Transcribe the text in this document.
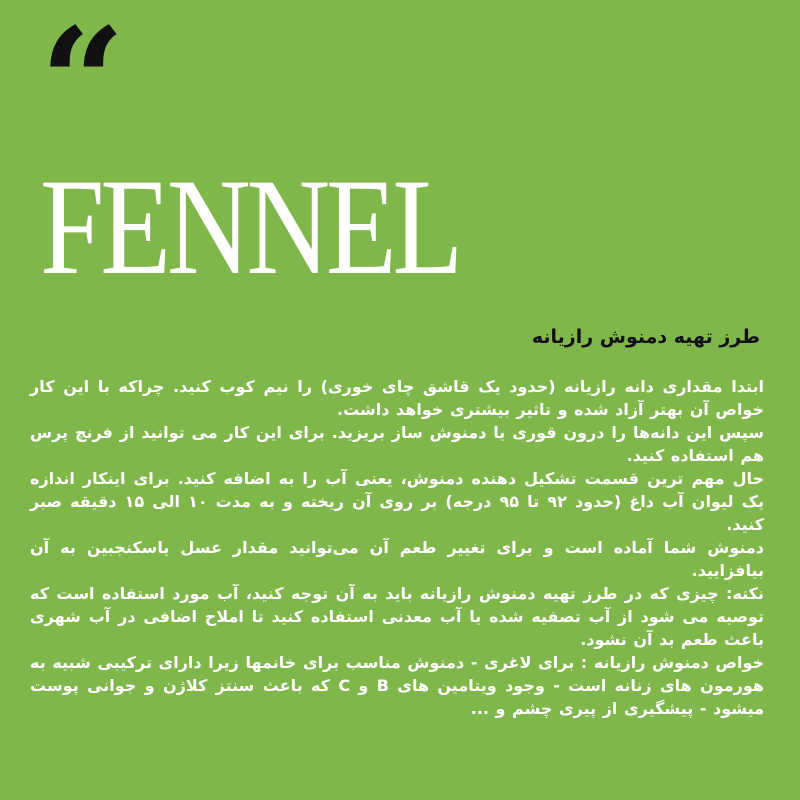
“
FENNEL
طرز تهیه دمنوش رازیانه

ابتدا مقداری دانه رازیانه (حدود یک قاشق چای خوری) را نیم کوب کنید. چراکه با این کار خواص آن بهتر آزاد شده و تاثیر بیشتری خواهد داشت.

سپس این دانه‌ها را درون قوری یا دمنوش ساز بریزید. برای این کار می توانید از فرنچ پرس هم استفاده کنید.

حال مهم ترین قسمت تشکیل دهنده دمنوش، یعنی آب را به اضافه کنید. برای اینکار اندازه یک لیوان آب داغ (حدود ۹۲ تا ۹۵ درجه) بر روی آن ریخته و به مدت ۱۰ الی ۱۵ دقیقه صبر کنید.

دمنوش شما آماده است و برای تغییر طعم آن می‌توانید مقدار عسل یاسکنجبین به آن بیافزایید.

نکته: چیزی که در طرز تهیه دمنوش رازیانه باید به آن توجه کنید، آب مورد استفاده است که توصیه می شود از آب تصفیه شده یا آب معدنی استفاده کنید تا املاح اضافی در آب شهری باعث طعم بد آن نشود.

خواص دمنوش رازیانه : برای لاغری - دمنوش مناسب برای خانمها زیرا دارای ترکیبی شبیه به هورمون های زنانه است - وجود ویتامین های B و C که باعث سنتز کلاژن و جوانی پوست میشود - پیشگیری از پیری چشم و ...
